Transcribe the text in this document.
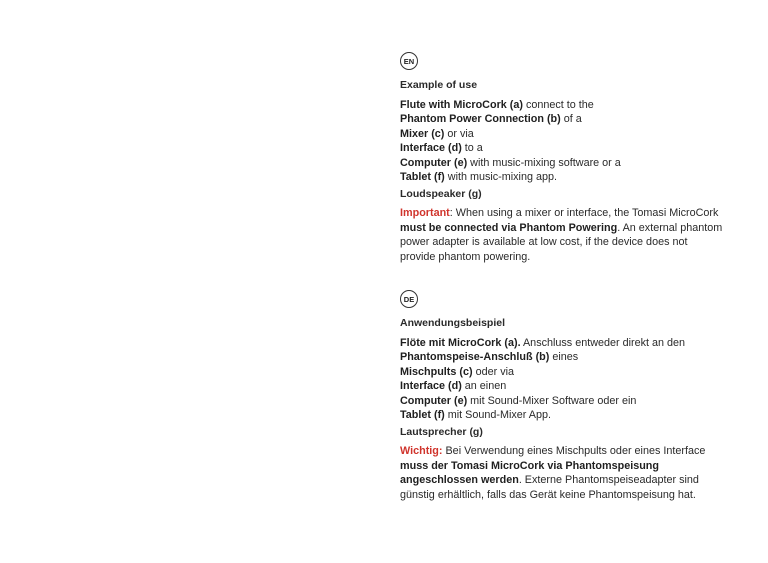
EN

Example of use

Flute with MicroCork (a) connect to the

Phantom Power Connection (b) of a

Mixer (c) or via

Interface (d) to a

Computer (e) with music-mixing software or a

Tablet (f) with music-mixing app.

Loudspeaker (g)

Important: When using a mixer or interface, the Tomasi MicroCork must be connected via Phantom Powering. An external phantom power adapter is available at low cost, if the device does not provide phantom powering.

DE

Anwendungsbeispiel

Flöte mit MicroCork (a). Anschluss entweder direkt an den

Phantomspeise-Anschluß (b) eines

Mischpults (c) oder via

Interface (d) an einen

Computer (e) mit Sound-Mixer Software oder ein

Tablet (f) mit Sound-Mixer App.

Lautsprecher (g)

Wichtig: Bei Verwendung eines Mischpults oder eines Interface muss der Tomasi MicroCork via Phantomspeisung angeschlossen werden. Externe Phantomspeiseadapter sind günstig erhältlich, falls das Gerät keine Phantomspeisung hat.
